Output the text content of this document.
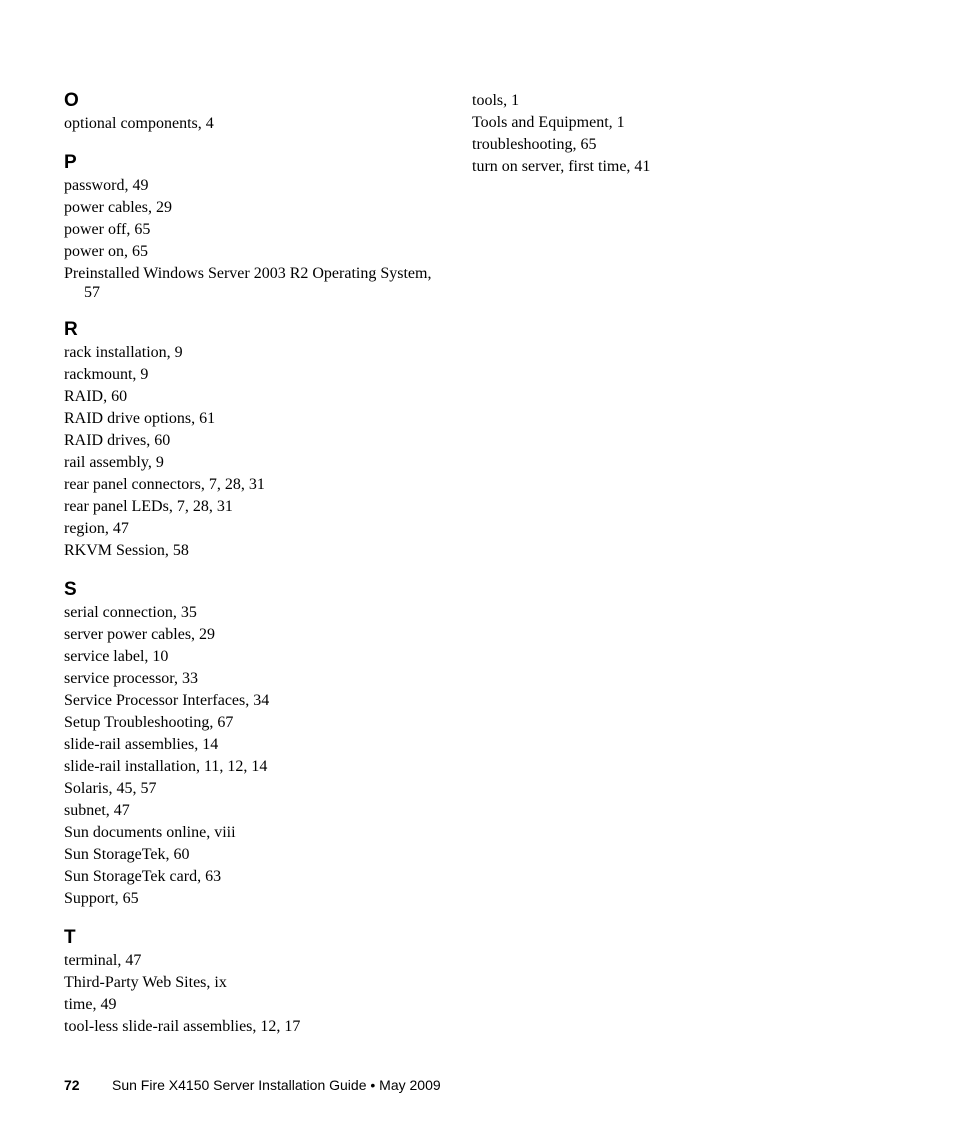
O
optional components, 4
P
password, 49
power cables, 29
power off, 65
power on, 65
Preinstalled Windows Server 2003 R2 Operating System, 57
R
rack installation, 9
rackmount, 9
RAID, 60
RAID drive options, 61
RAID drives, 60
rail assembly, 9
rear panel connectors, 7, 28, 31
rear panel LEDs, 7, 28, 31
region, 47
RKVM Session, 58
S
serial connection, 35
server power cables, 29
service label, 10
service processor, 33
Service Processor Interfaces, 34
Setup Troubleshooting, 67
slide-rail assemblies, 14
slide-rail installation, 11, 12, 14
Solaris, 45, 57
subnet, 47
Sun documents online, viii
Sun StorageTek, 60
Sun StorageTek card, 63
Support, 65
T
terminal, 47
Third-Party Web Sites, ix
time, 49
tool-less slide-rail assemblies, 12, 17
tools, 1
Tools and Equipment, 1
troubleshooting, 65
turn on server, first time, 41
72 Sun Fire X4150 Server Installation Guide • May 2009
